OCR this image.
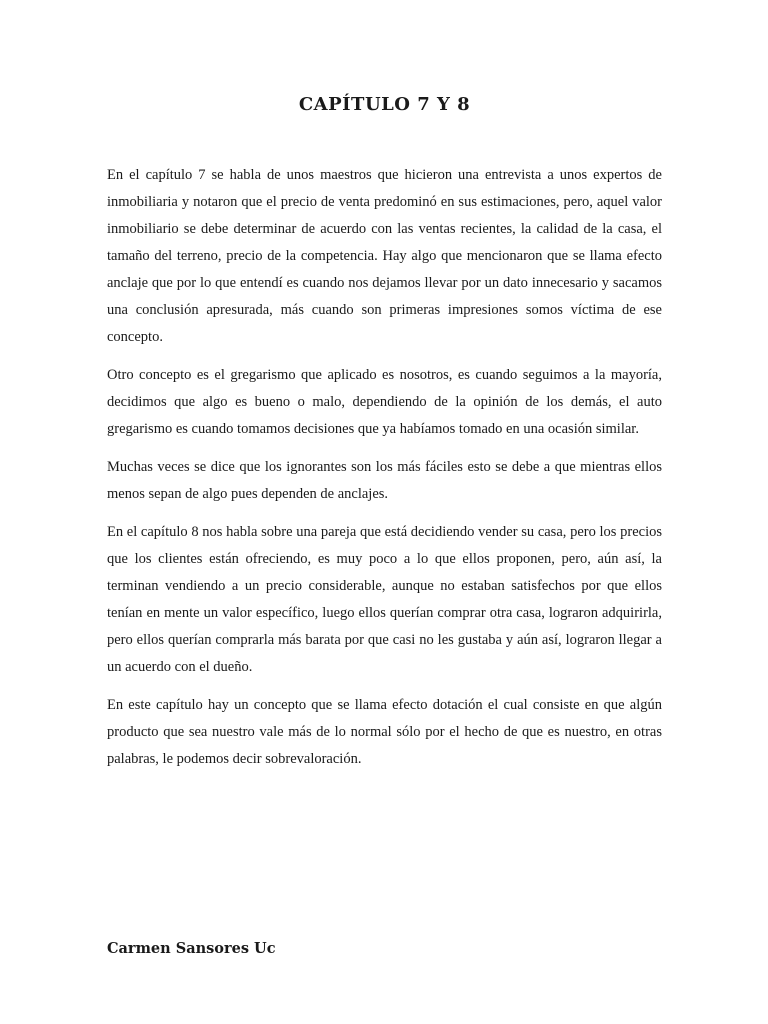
CAPÍTULO 7 Y 8

En el capítulo 7 se habla de unos maestros que hicieron una entrevista a unos expertos de inmobiliaria y notaron que el precio de venta predominó en sus estimaciones, pero, aquel valor inmobiliario se debe determinar de acuerdo con las ventas recientes, la calidad de la casa, el tamaño del terreno, precio de la competencia. Hay algo que mencionaron que se llama efecto anclaje que por lo que entendí es cuando nos dejamos llevar por un dato innecesario y sacamos una conclusión apresurada, más cuando son primeras impresiones somos víctima de ese concepto.

Otro concepto es el gregarismo que aplicado es nosotros, es cuando seguimos a la mayoría, decidimos que algo es bueno o malo, dependiendo de la opinión de los demás, el auto gregarismo es cuando tomamos decisiones que ya habíamos tomado en una ocasión similar.

Muchas veces se dice que los ignorantes son los más fáciles esto se debe a que mientras ellos menos sepan de algo pues dependen de anclajes.

En el capítulo 8 nos habla sobre una pareja que está decidiendo vender su casa, pero los precios que los clientes están ofreciendo, es muy poco a lo que ellos proponen, pero, aún así, la terminan vendiendo a un precio considerable, aunque no estaban satisfechos por que ellos tenían en mente un valor específico, luego ellos querían comprar otra casa, lograron adquirirla, pero ellos querían comprarla más barata por que casi no les gustaba y aún así, lograron llegar a un acuerdo con el dueño.

En este capítulo hay un concepto que se llama efecto dotación el cual consiste en que algún producto que sea nuestro vale más de lo normal sólo por el hecho de que es nuestro, en otras palabras, le podemos decir sobrevaloración.

Carmen Sansores Uc
